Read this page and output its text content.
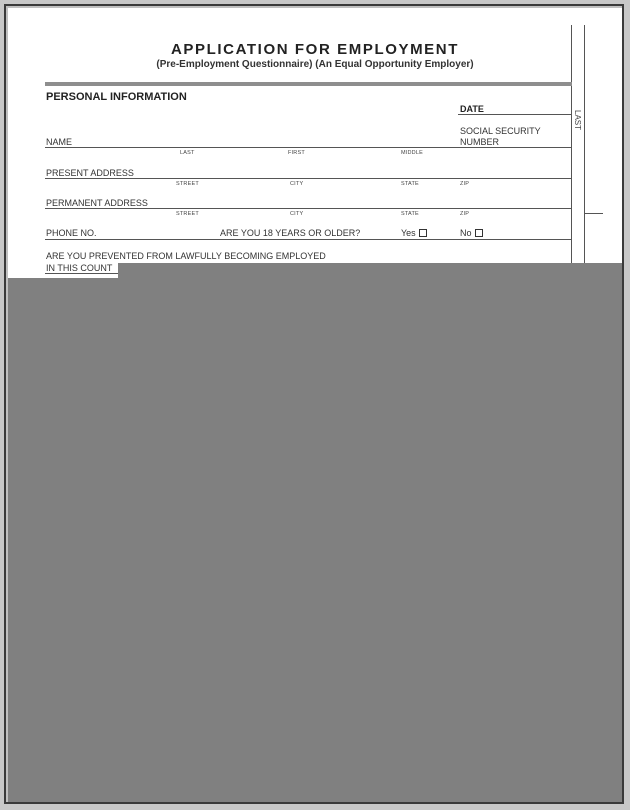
APPLICATION FOR EMPLOYMENT
(Pre-Employment Questionnaire) (An Equal Opportunity Employer)
LAST
PERSONAL INFORMATION
DATE
SOCIAL SECURITY
NUMBER
NAME
LAST	FIRST	MIDDLE
PRESENT ADDRESS
STREET	CITY	STATE	ZIP
PERMANENT ADDRESS
STREET	CITY	STATE	ZIP
PHONE NO.	ARE YOU 18 YEARS OR OLDER?	Yes	No
ARE YOU PREVENTED FROM LAWFULLY BECOMING EMPLOYED
IN THIS COUNT
